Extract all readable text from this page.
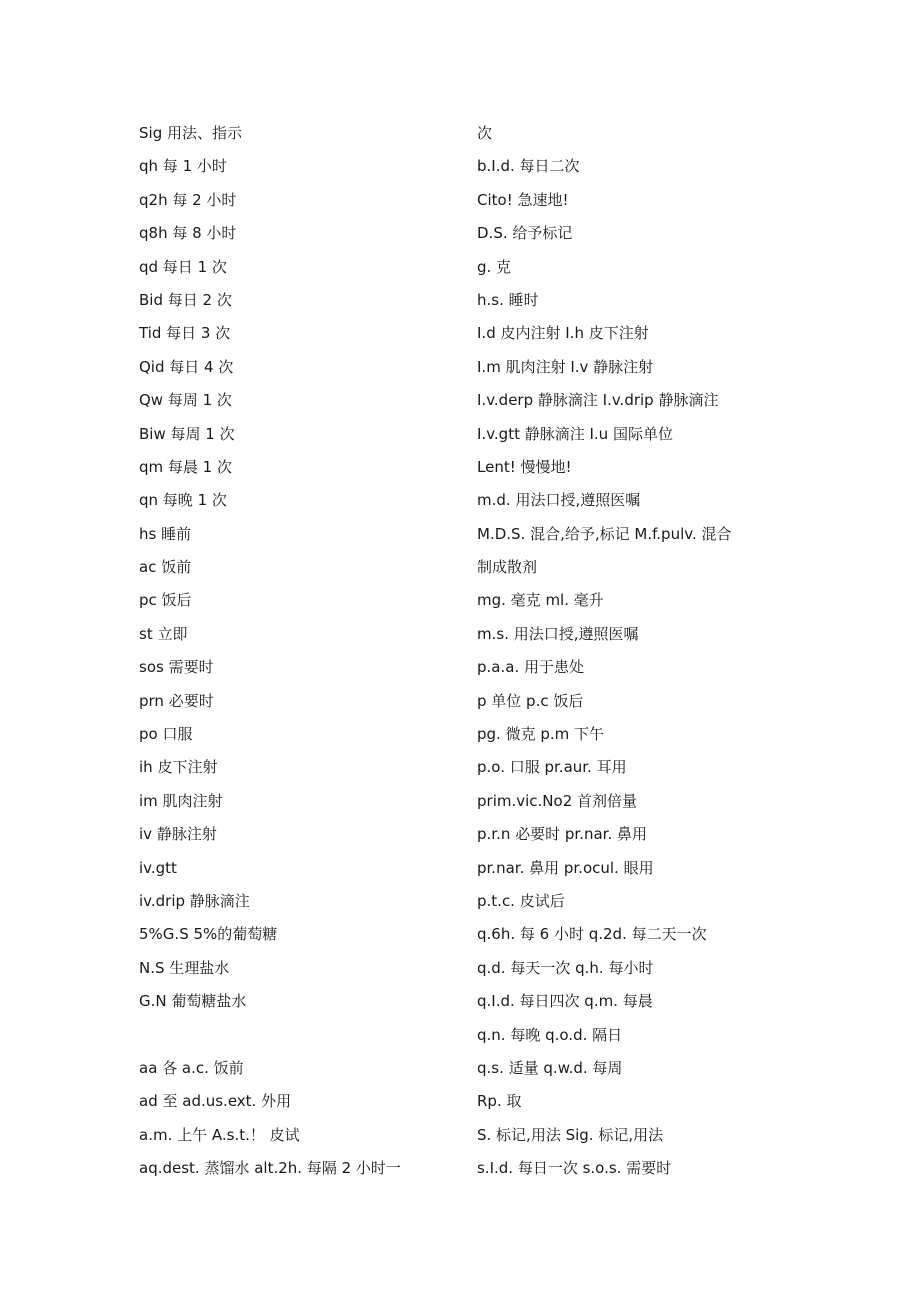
Sig 用法、指示
qh 每 1 小时
q2h 每 2 小时
q8h 每 8 小时
qd 每日 1 次
Bid 每日 2 次
Tid 每日 3 次
Qid 每日 4 次
Qw 每周 1 次
Biw 每周 1 次
qm 每晨 1 次
qn 每晚 1 次
hs 睡前
ac 饭前
pc 饭后
st 立即
sos 需要时
prn 必要时
po 口服
ih 皮下注射
im 肌肉注射
iv 静脉注射
iv.gtt
iv.drip 静脉滴注
5%G.S 5%的葡萄糖
N.S 生理盐水
G.N 葡萄糖盐水

aa 各 a.c. 饭前
ad 至 ad.us.ext. 外用
a.m. 上午 A.s.t.！ 皮试
aq.dest. 蒸馏水 alt.2h. 每隔 2 小时一
次
b.I.d. 每日二次
Cito! 急速地!
D.S. 给予标记
g. 克
h.s. 睡时
I.d 皮内注射 I.h 皮下注射
I.m 肌肉注射 I.v 静脉注射
I.v.derp 静脉滴注 I.v.drip 静脉滴注
I.v.gtt 静脉滴注 I.u 国际单位
Lent! 慢慢地!
m.d. 用法口授,遵照医嘱
M.D.S. 混合,给予,标记 M.f.pulv. 混合
制成散剂
mg. 毫克 ml. 毫升
m.s. 用法口授,遵照医嘱
p.a.a. 用于患处
p 单位 p.c 饭后
pg. 微克 p.m 下午
p.o. 口服 pr.aur. 耳用
prim.vic.No2 首剂倍量
p.r.n 必要时 pr.nar. 鼻用
pr.nar. 鼻用 pr.ocul. 眼用
p.t.c. 皮试后
q.6h. 每 6 小时 q.2d. 每二天一次
q.d. 每天一次 q.h. 每小时
q.I.d. 每日四次 q.m. 每晨
q.n. 每晚 q.o.d. 隔日
q.s. 适量 q.w.d. 每周
Rp. 取
S. 标记,用法 Sig. 标记,用法
s.I.d. 每日一次 s.o.s. 需要时
